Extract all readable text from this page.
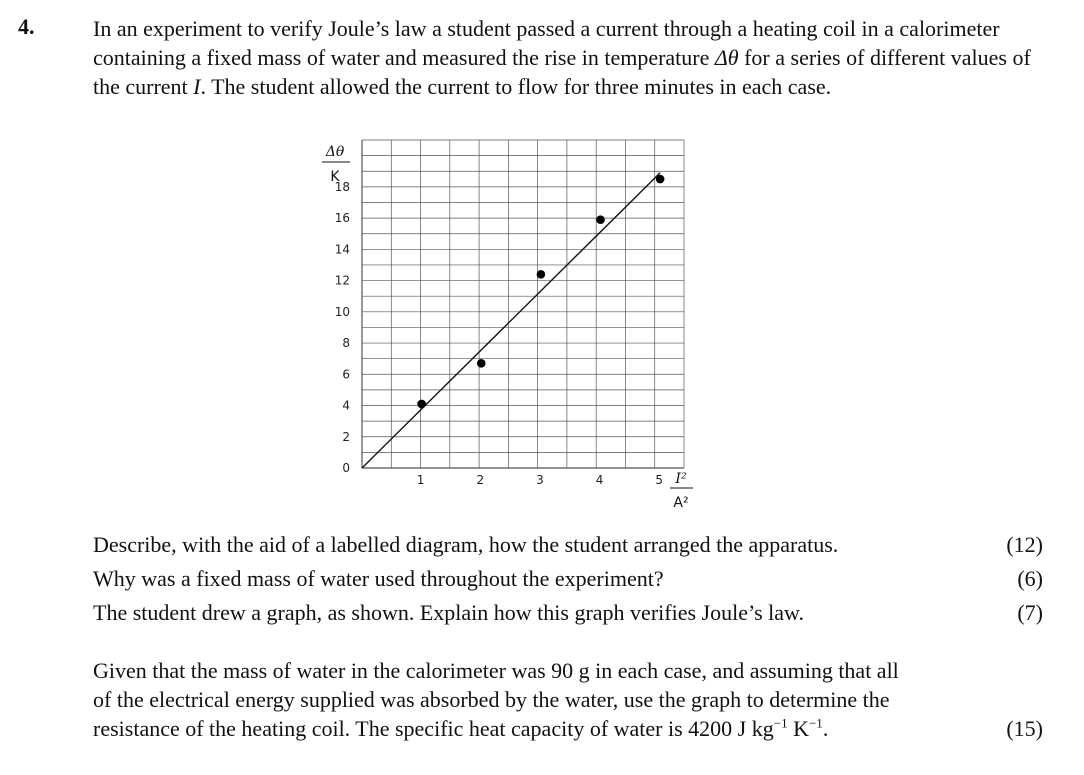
4.	In an experiment to verify Joule’s law a student passed a current through a heating coil in a calorimeter containing a fixed mass of water and measured the rise in temperature Δθ for a series of different values of the current I. The student allowed the current to flow for three minutes in each case.
0
2
4
6
8
10
12
14
16
18
1	2	3	4	5
Δθ
K
I²
A²
Describe, with the aid of a labelled diagram, how the student arranged the apparatus.	(12)
Why was a fixed mass of water used throughout the experiment?	(6)
The student drew a graph, as shown. Explain how this graph verifies Joule’s law.	(7)
Given that the mass of water in the calorimeter was 90 g in each case, and assuming that all
of the electrical energy supplied was absorbed by the water, use the graph to determine the
resistance of the heating coil. The specific heat capacity of water is 4200 J $kg^{-1}$ $K^{-1}$.	(15)
